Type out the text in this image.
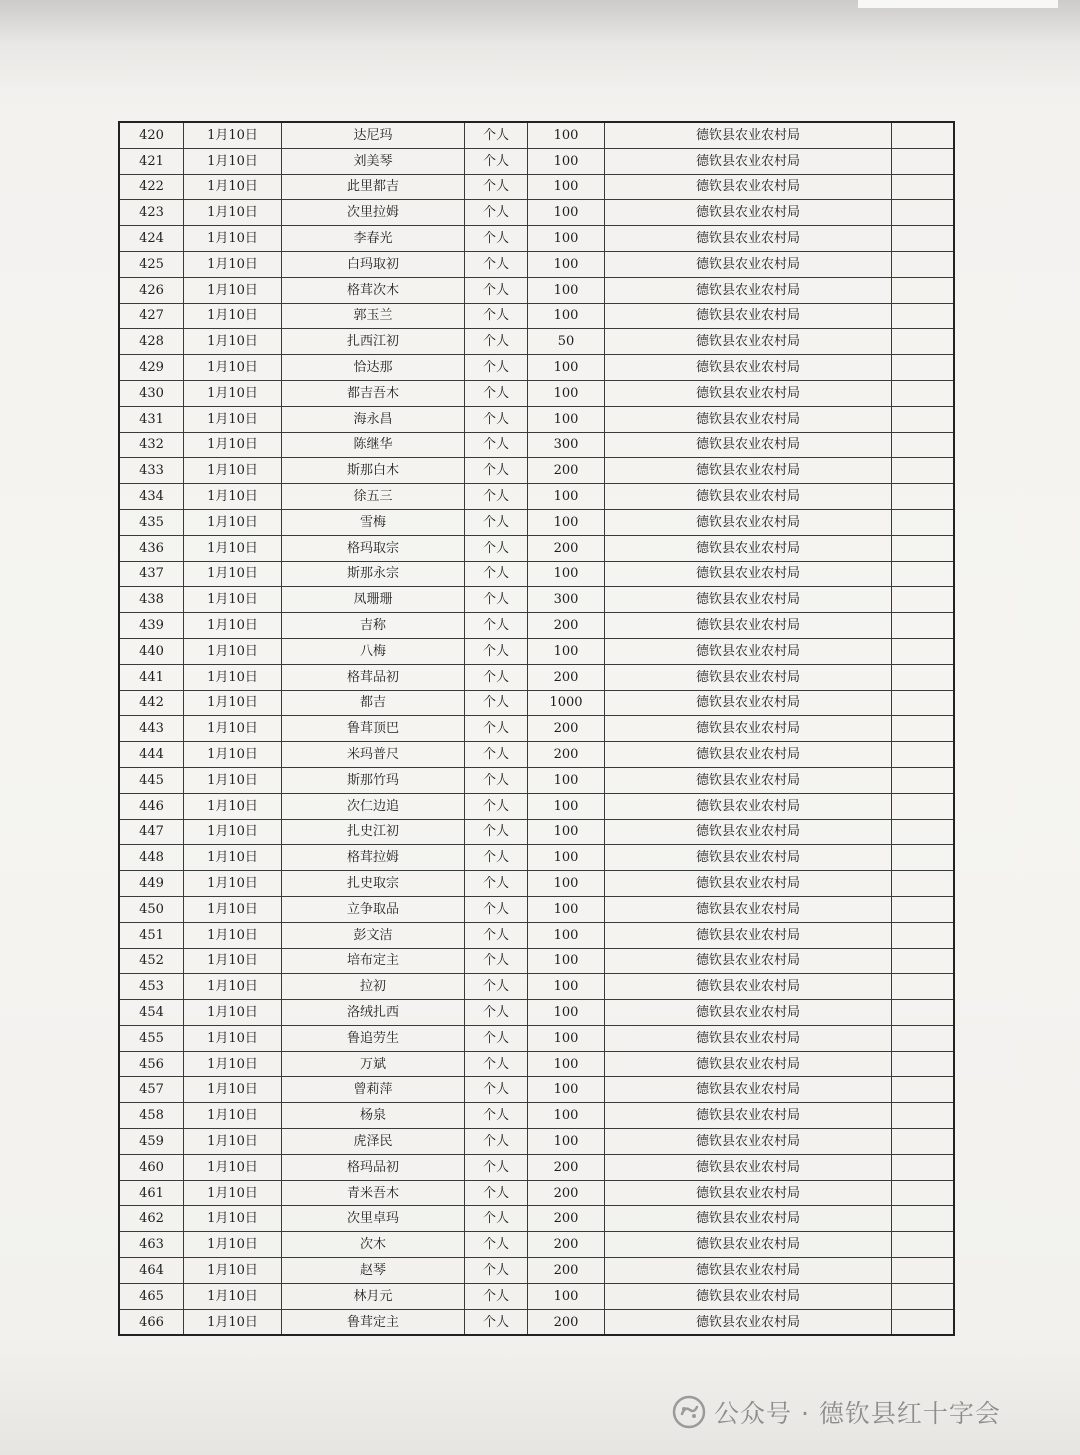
420	1月10日	达尼玛	个人	100	德钦县农业农村局	
421	1月10日	刘美琴	个人	100	德钦县农业农村局	
422	1月10日	此里都吉	个人	100	德钦县农业农村局	
423	1月10日	次里拉姆	个人	100	德钦县农业农村局	
424	1月10日	李春光	个人	100	德钦县农业农村局	
425	1月10日	白玛取初	个人	100	德钦县农业农村局	
426	1月10日	格茸次木	个人	100	德钦县农业农村局	
427	1月10日	郭玉兰	个人	100	德钦县农业农村局	
428	1月10日	扎西江初	个人	50	德钦县农业农村局	
429	1月10日	恰达那	个人	100	德钦县农业农村局	
430	1月10日	都吉吾木	个人	100	德钦县农业农村局	
431	1月10日	海永昌	个人	100	德钦县农业农村局	
432	1月10日	陈继华	个人	300	德钦县农业农村局	
433	1月10日	斯那白木	个人	200	德钦县农业农村局	
434	1月10日	徐五三	个人	100	德钦县农业农村局	
435	1月10日	雪梅	个人	100	德钦县农业农村局	
436	1月10日	格玛取宗	个人	200	德钦县农业农村局	
437	1月10日	斯那永宗	个人	100	德钦县农业农村局	
438	1月10日	凤珊珊	个人	300	德钦县农业农村局	
439	1月10日	吉称	个人	200	德钦县农业农村局	
440	1月10日	八梅	个人	100	德钦县农业农村局	
441	1月10日	格茸品初	个人	200	德钦县农业农村局	
442	1月10日	都吉	个人	1000	德钦县农业农村局	
443	1月10日	鲁茸顶巴	个人	200	德钦县农业农村局	
444	1月10日	米玛普尺	个人	200	德钦县农业农村局	
445	1月10日	斯那竹玛	个人	100	德钦县农业农村局	
446	1月10日	次仁边追	个人	100	德钦县农业农村局	
447	1月10日	扎史江初	个人	100	德钦县农业农村局	
448	1月10日	格茸拉姆	个人	100	德钦县农业农村局	
449	1月10日	扎史取宗	个人	100	德钦县农业农村局	
450	1月10日	立争取品	个人	100	德钦县农业农村局	
451	1月10日	彭文洁	个人	100	德钦县农业农村局	
452	1月10日	培布定主	个人	100	德钦县农业农村局	
453	1月10日	拉初	个人	100	德钦县农业农村局	
454	1月10日	洛绒扎西	个人	100	德钦县农业农村局	
455	1月10日	鲁追劳生	个人	100	德钦县农业农村局	
456	1月10日	万斌	个人	100	德钦县农业农村局	
457	1月10日	曾莉萍	个人	100	德钦县农业农村局	
458	1月10日	杨泉	个人	100	德钦县农业农村局	
459	1月10日	虎泽民	个人	100	德钦县农业农村局	
460	1月10日	格玛品初	个人	200	德钦县农业农村局	
461	1月10日	青米吾木	个人	200	德钦县农业农村局	
462	1月10日	次里卓玛	个人	200	德钦县农业农村局	
463	1月10日	次木	个人	200	德钦县农业农村局	
464	1月10日	赵琴	个人	200	德钦县农业农村局	
465	1月10日	林月元	个人	100	德钦县农业农村局	
466	1月10日	鲁茸定主	个人	200	德钦县农业农村局	
公众号 · 德钦县红十字会
